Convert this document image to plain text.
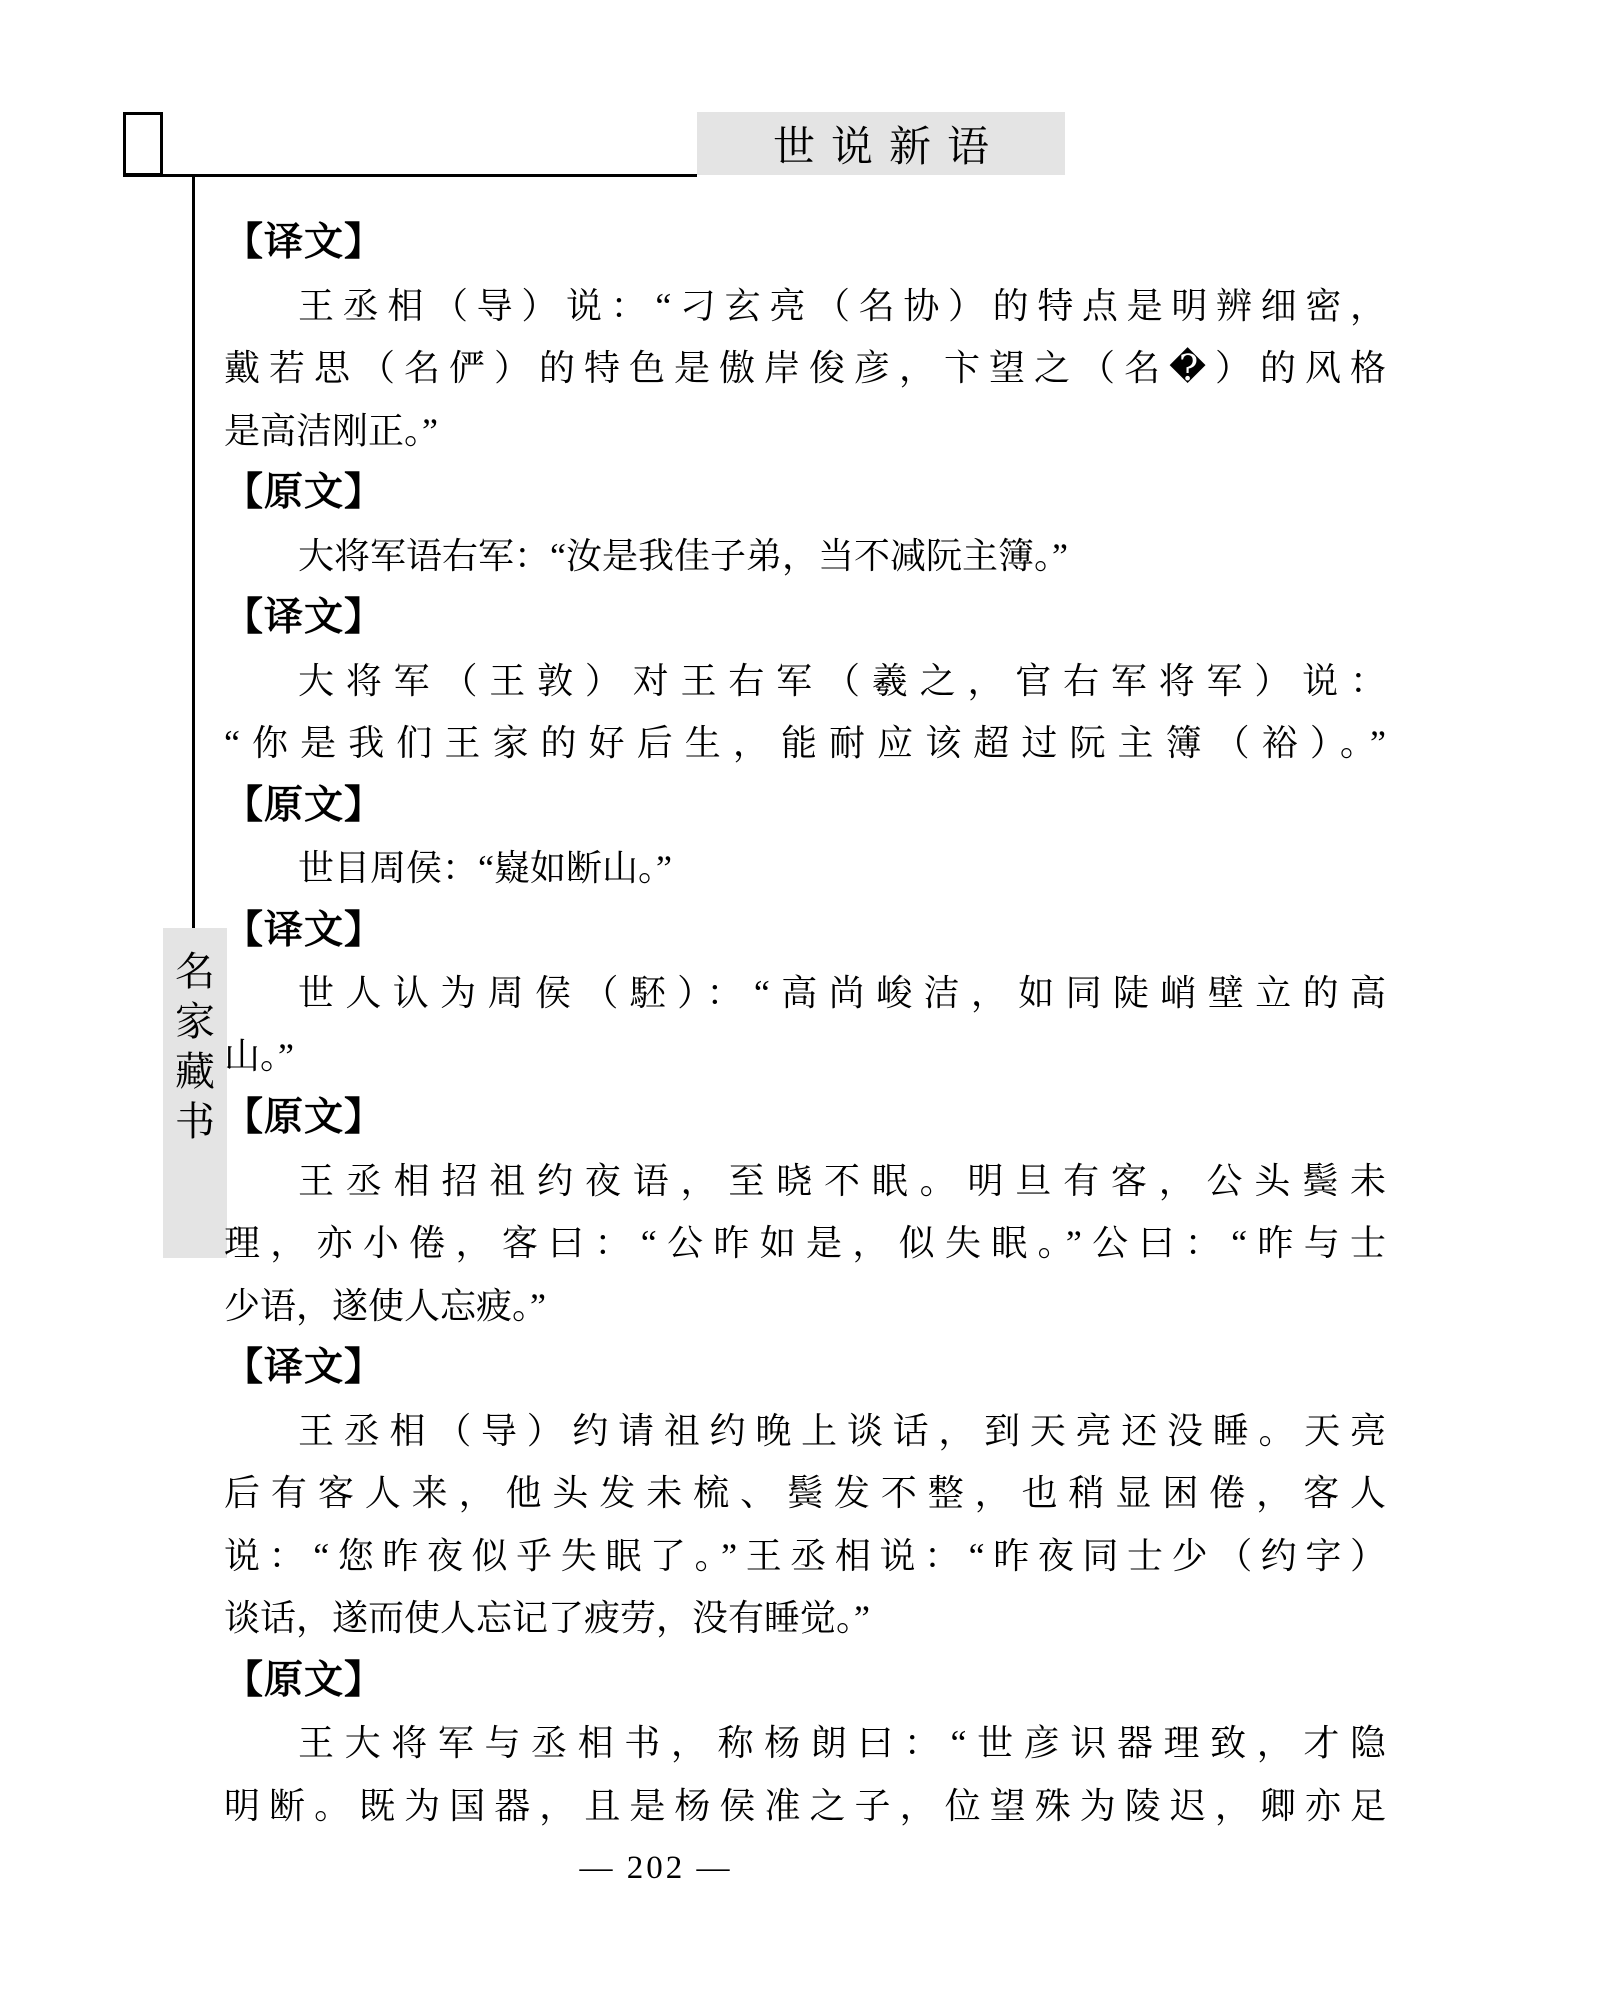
世说新语
名
家
藏
书
【译文】
王丞相（导）说：“刁玄亮（名协）的特点是明辨细密，
戴若思（名俨）的特色是傲岸俊彦，卞望之（名�）的风格
是高洁刚正。”
【原文】
大将军语右军：“汝是我佳子弟，当不减阮主簿。”
【译文】
大将军（王敦）对王右军（羲之，官右军将军）说：
“你是我们王家的好后生，能耐应该超过阮主簿（裕）。”
【原文】
世目周侯：“嶷如断山。”
【译文】
世人认为周侯（駓）：“高尚峻洁，如同陡峭壁立的高
山。”
【原文】
王丞相招祖约夜语，至晓不眠。明旦有客，公头鬓未
理，亦小倦，客曰：“公昨如是，似失眠。”公曰：“昨与士
少语，遂使人忘疲。”
【译文】
王丞相（导）约请祖约晚上谈话，到天亮还没睡。天亮
后有客人来，他头发未梳、鬓发不整，也稍显困倦，客人
说：“您昨夜似乎失眠了。”王丞相说：“昨夜同士少（约字）
谈话，遂而使人忘记了疲劳，没有睡觉。”
【原文】
王大将军与丞相书，称杨朗曰：“世彦识器理致，才隐
明断。既为国器，且是杨侯准之子，位望殊为陵迟，卿亦足
— 202 —
